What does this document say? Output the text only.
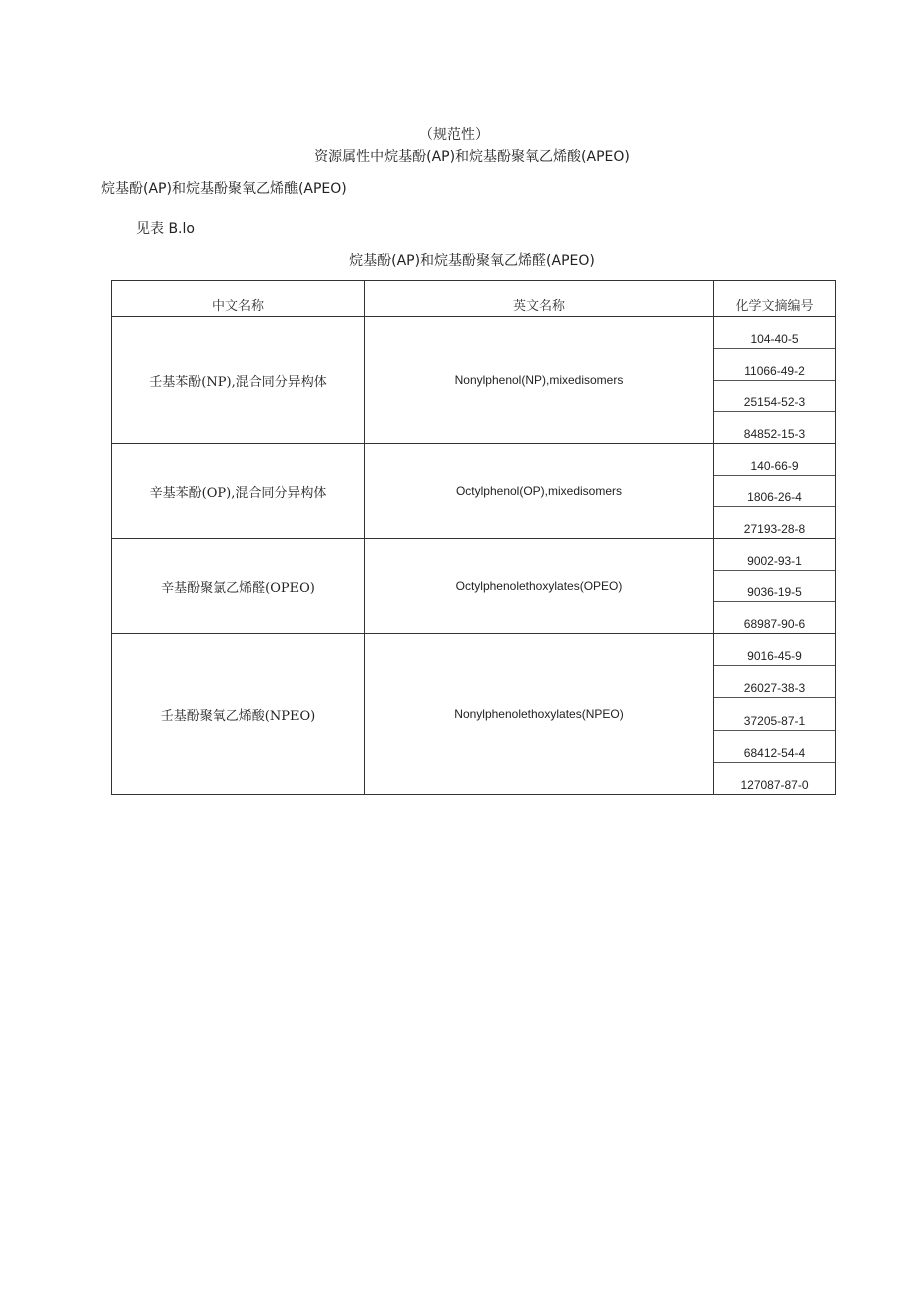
（规范性）
资源属性中烷基酚(AP)和烷基酚聚氧乙烯酸(APEO)
烷基酚(AP)和烷基酚聚氧乙烯醮(APEO)
见表 B.lo
烷基酚(AP)和烷基酚聚氧乙烯醛(APEO)
中文名称	英文名称	化学文摘编号
壬基苯酚(NP),混合同分异构体	Nonylphenol(NP),mixedisomers	104-40-5
11066-49-2
25154-52-3
84852-15-3

辛基苯酚(OP),混合同分异构体	Octylphenol(OP),mixedisomers	140-66-9
1806-26-4
27193-28-8

辛基酚聚氯乙烯醛(OPEO)	Octylphenolethoxylates(OPEO)	9002-93-1
9036-19-5
68987-90-6

壬基酚聚氧乙烯酸(NPEO)	Nonylphenolethoxylates(NPEO)	9016-45-9
26027-38-3
37205-87-1
68412-54-4
127087-87-0
